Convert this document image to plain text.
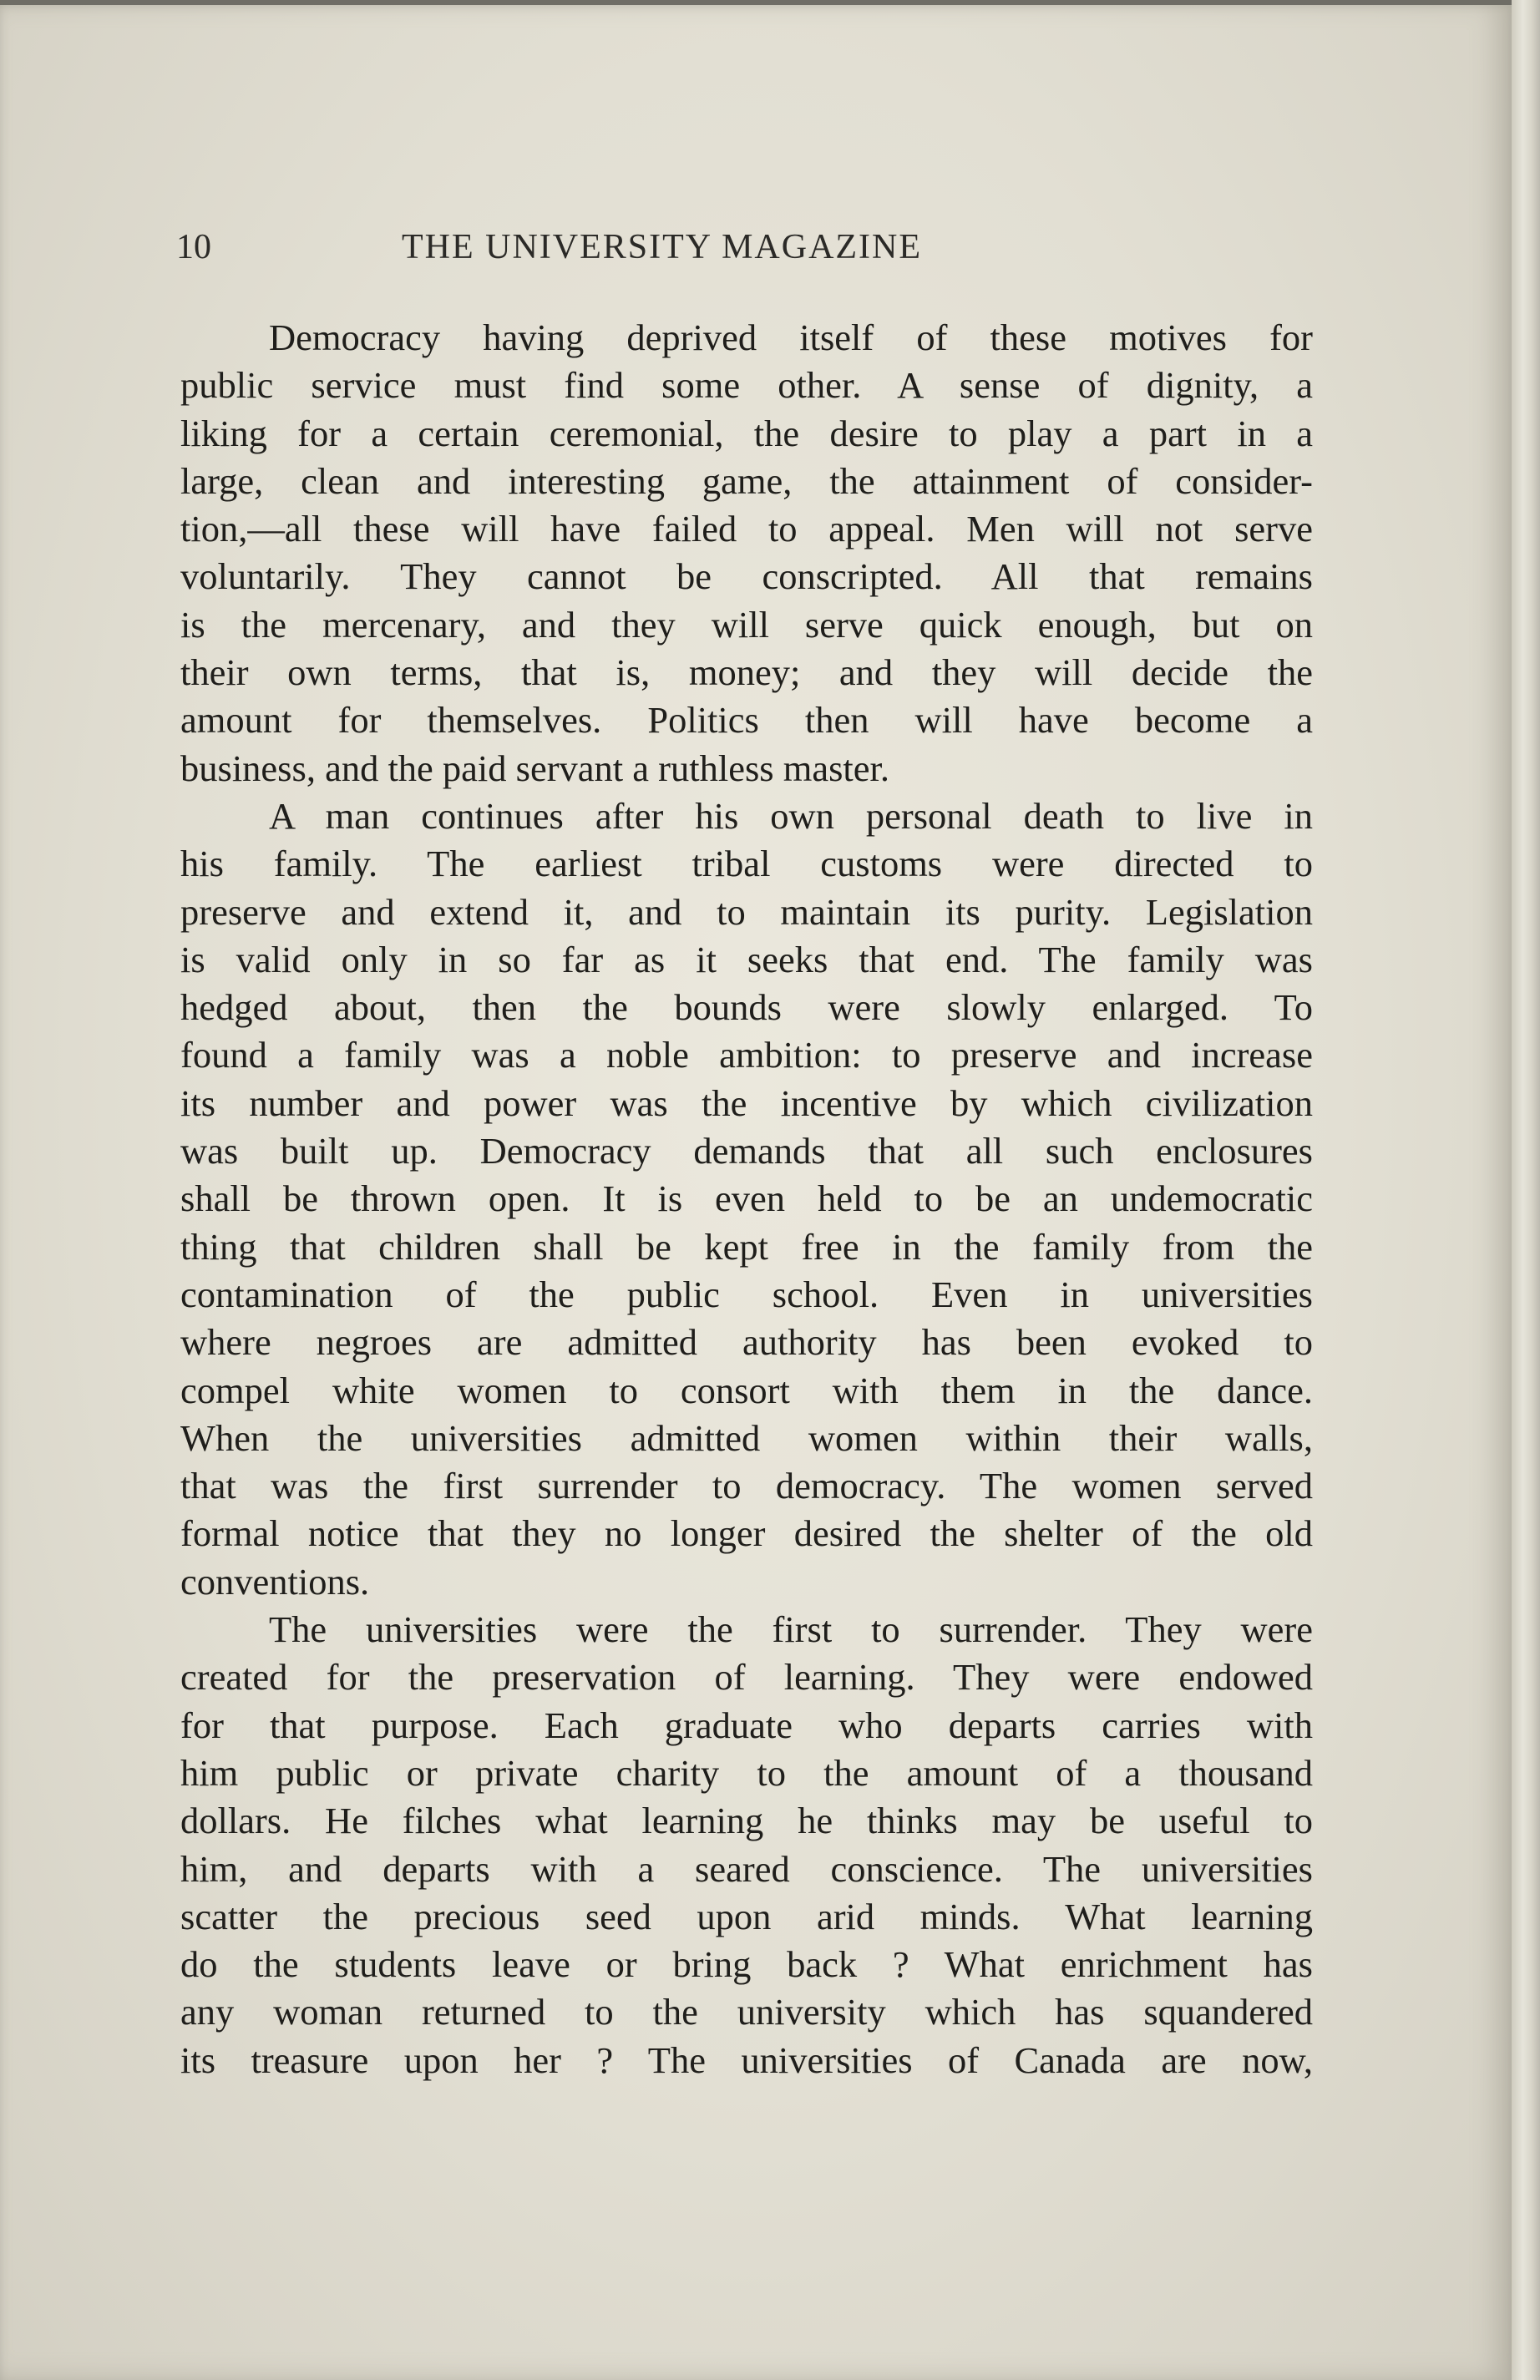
10	THE UNIVERSITY MAGAZINE
Democracy having deprived itself of these motives for
public service must find some other. A sense of dignity, a
liking for a certain ceremonial, the desire to play a part in a
large, clean and interesting game, the attainment of consider-
tion,—all these will have failed to appeal. Men will not serve
voluntarily. They cannot be conscripted. All that remains
is the mercenary, and they will serve quick enough, but on
their own terms, that is, money; and they will decide the
amount for themselves. Politics then will have become a
business, and the paid servant a ruthless master.
A man continues after his own personal death to live in
his family. The earliest tribal customs were directed to
preserve and extend it, and to maintain its purity. Legislation
is valid only in so far as it seeks that end. The family was
hedged about, then the bounds were slowly enlarged. To
found a family was a noble ambition: to preserve and increase
its number and power was the incentive by which civilization
was built up. Democracy demands that all such enclosures
shall be thrown open. It is even held to be an undemocratic
thing that children shall be kept free in the family from the
contamination of the public school. Even in universities
where negroes are admitted authority has been evoked to
compel white women to consort with them in the dance.
When the universities admitted women within their walls,
that was the first surrender to democracy. The women served
formal notice that they no longer desired the shelter of the old
conventions.
The universities were the first to surrender. They were
created for the preservation of learning. They were endowed
for that purpose. Each graduate who departs carries with
him public or private charity to the amount of a thousand
dollars. He filches what learning he thinks may be useful to
him, and departs with a seared conscience. The universities
scatter the precious seed upon arid minds. What learning
do the students leave or bring back ? What enrichment has
any woman returned to the university which has squandered
its treasure upon her ? The universities of Canada are now,
